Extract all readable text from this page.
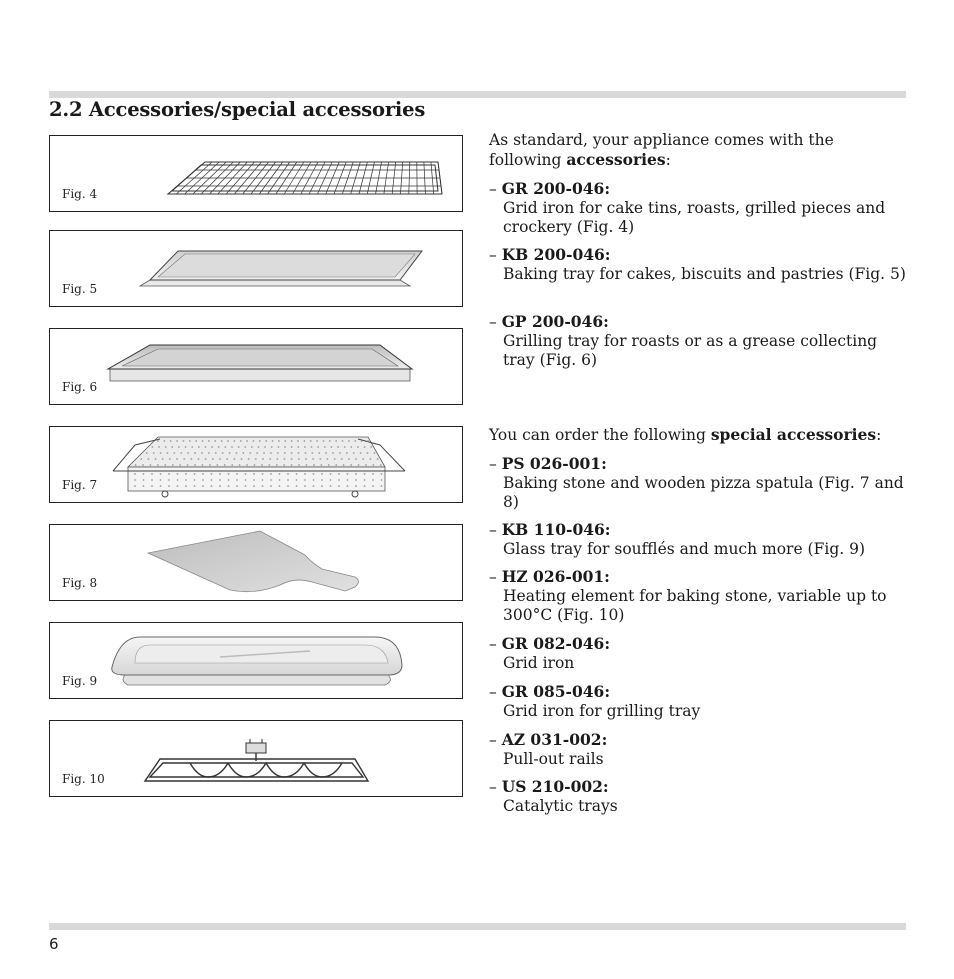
2.2 Accessories/special accessories
Fig. 4
Fig. 5
Fig. 6
Fig. 7
Fig. 8
Fig. 9
Fig. 10

As standard, your appliance comes with the following accessories:

– GR 200-046:
Grid iron for cake tins, roasts, grilled pieces and crockery (Fig. 4)
– KB 200-046:
Baking tray for cakes, biscuits and pastries (Fig. 5)
– GP 200-046:
Grilling tray for roasts or as a grease collecting tray (Fig. 6)

You can order the following special accessories:

– PS 026-001:
Baking stone and wooden pizza spatula (Fig. 7 and 8)
– KB 110-046:
Glass tray for soufflés and much more (Fig. 9)
– HZ 026-001:
Heating element for baking stone, variable up to 300°C (Fig. 10)
– GR 082-046:
Grid iron
– GR 085-046:
Grid iron for grilling tray
– AZ 031-002:
Pull-out rails
– US 210-002:
Catalytic trays
6
